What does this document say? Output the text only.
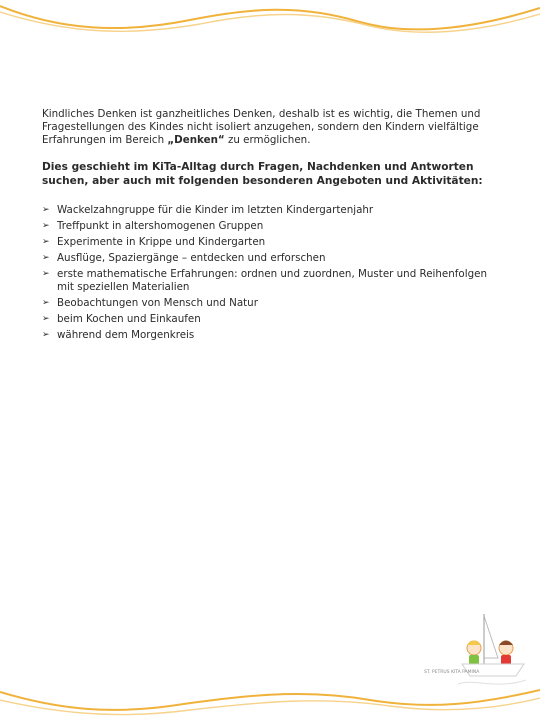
Kindliches Denken ist ganzheitliches Denken, deshalb ist es wichtig, die Themen und Fragestellungen des Kindes nicht isoliert anzugehen, sondern den Kindern vielfältige Erfahrungen im Bereich „Denken“ zu ermöglichen.

Dies geschieht im KiTa-Alltag durch Fragen, Nachdenken und Antworten suchen, aber auch mit folgenden besonderen Angeboten und Aktivitäten:

➢ Wackelzahngruppe für die Kinder im letzten Kindergartenjahr
➢ Treffpunkt in altershomogenen Gruppen
➢ Experimente in Krippe und Kindergarten
➢ Ausflüge, Spaziergänge – entdecken und erforschen
➢ erste mathematische Erfahrungen: ordnen und zuordnen, Muster und Reihenfolgen mit speziellen Materialien
➢ Beobachtungen von Mensch und Natur
➢ beim Kochen und Einkaufen
➢ während dem Morgenkreis
ST. PETRUS KITA PAMINA
